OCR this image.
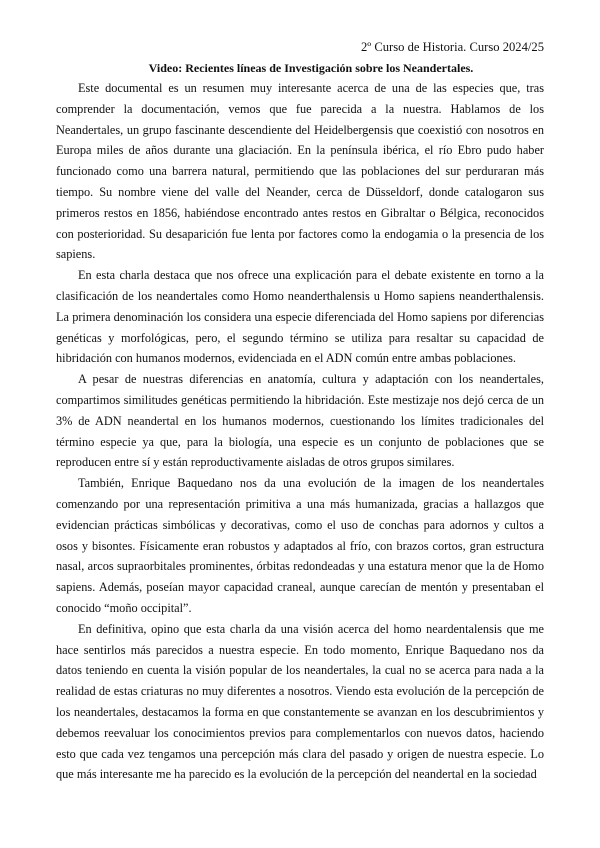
2º Curso de Historia. Curso 2024/25
Video: Recientes líneas de Investigación sobre los Neandertales.

Este documental es un resumen muy interesante acerca de una de las especies que, tras comprender la documentación, vemos que fue parecida a la nuestra. Hablamos de los Neandertales, un grupo fascinante descendiente del Heidelbergensis que coexistió con nosotros en Europa miles de años durante una glaciación. En la península ibérica, el río Ebro pudo haber funcionado como una barrera natural, permitiendo que las poblaciones del sur perduraran más tiempo. Su nombre viene del valle del Neander, cerca de Düsseldorf, donde catalogaron sus primeros restos en 1856, habiéndose encontrado antes restos en Gibraltar o Bélgica, reconocidos con posterioridad. Su desaparición fue lenta por factores como la endogamia o la presencia de los sapiens.

En esta charla destaca que nos ofrece una explicación para el debate existente en torno a la clasificación de los neandertales como Homo neanderthalensis u Homo sapiens neanderthalensis. La primera denominación los considera una especie diferenciada del Homo sapiens por diferencias genéticas y morfológicas, pero, el segundo término se utiliza para resaltar su capacidad de hibridación con humanos modernos, evidenciada en el ADN común entre ambas poblaciones.

A pesar de nuestras diferencias en anatomía, cultura y adaptación con los neandertales, compartimos similitudes genéticas permitiendo la hibridación. Este mestizaje nos dejó cerca de un 3% de ADN neandertal en los humanos modernos, cuestionando los límites tradicionales del término especie ya que, para la biología, una especie es un conjunto de poblaciones que se reproducen entre sí y están reproductivamente aisladas de otros grupos similares.

También, Enrique Baquedano nos da una evolución de la imagen de los neandertales comenzando por una representación primitiva a una más humanizada, gracias a hallazgos que evidencian prácticas simbólicas y decorativas, como el uso de conchas para adornos y cultos a osos y bisontes. Físicamente eran robustos y adaptados al frío, con brazos cortos, gran estructura nasal, arcos supraorbitales prominentes, órbitas redondeadas y una estatura menor que la de Homo sapiens. Además, poseían mayor capacidad craneal, aunque carecían de mentón y presentaban el conocido “moño occipital”.

En definitiva, opino que esta charla da una visión acerca del homo neardentalensis que me hace sentirlos más parecidos a nuestra especie. En todo momento, Enrique Baquedano nos da datos teniendo en cuenta la visión popular de los neandertales, la cual no se acerca para nada a la realidad de estas criaturas no muy diferentes a nosotros. Viendo esta evolución de la percepción de los neandertales, destacamos la forma en que constantemente se avanzan en los descubrimientos y debemos reevaluar los conocimientos previos para complementarlos con nuevos datos, haciendo esto que cada vez tengamos una percepción más clara del pasado y origen de nuestra especie. Lo que más interesante me ha parecido es la evolución de la percepción del neandertal en la sociedad
